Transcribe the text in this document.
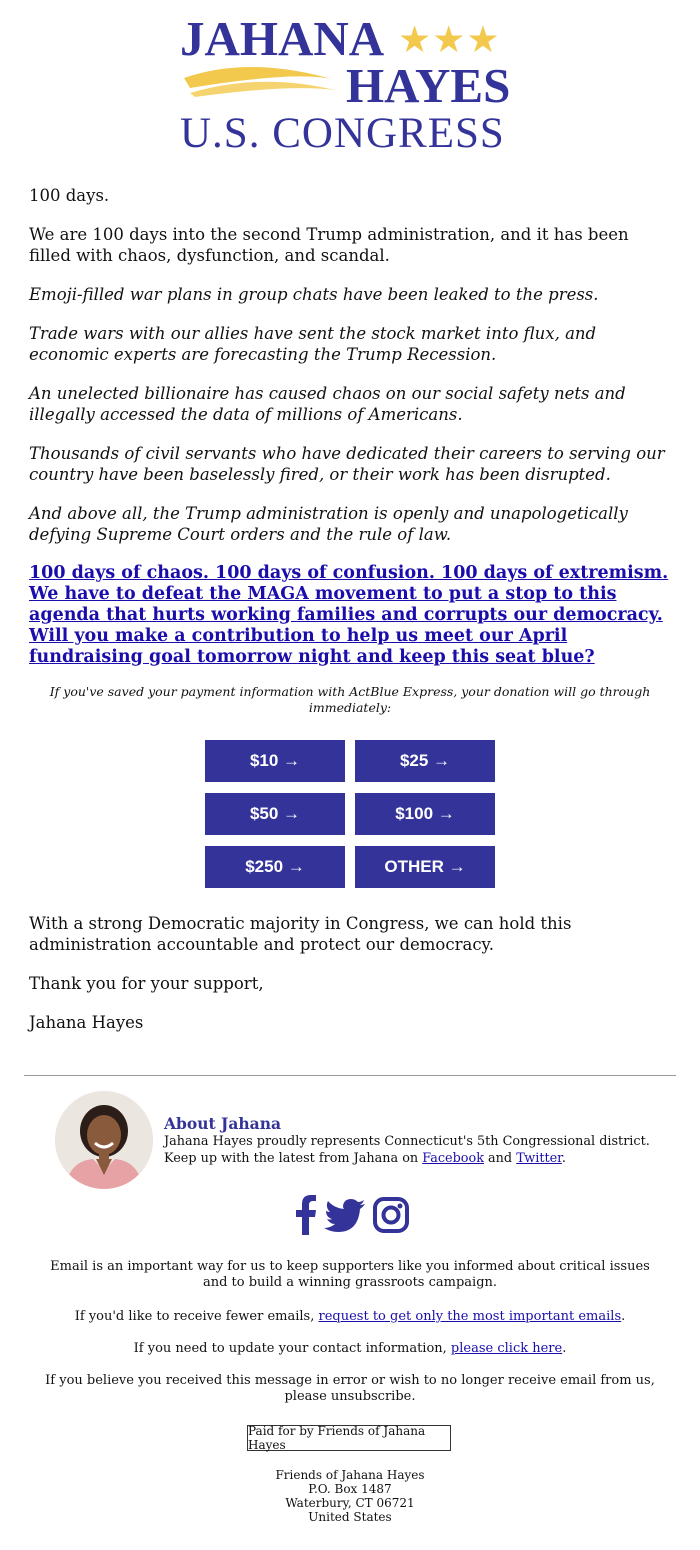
JAHANA ★★★
HAYES
U.S. CONGRESS

100 days.

We are 100 days into the second Trump administration, and it has been filled with chaos, dysfunction, and scandal.

Emoji-filled war plans in group chats have been leaked to the press.

Trade wars with our allies have sent the stock market into flux, and economic experts are forecasting the Trump Recession.

An unelected billionaire has caused chaos on our social safety nets and illegally accessed the data of millions of Americans.

Thousands of civil servants who have dedicated their careers to serving our country have been baselessly fired, or their work has been disrupted.

And above all, the Trump administration is openly and unapologetically defying Supreme Court orders and the rule of law.

100 days of chaos. 100 days of confusion. 100 days of extremism. We have to defeat the MAGA movement to put a stop to this agenda that hurts working families and corrupts our democracy. Will you make a contribution to help us meet our April fundraising goal tomorrow night and keep this seat blue?

If you've saved your payment information with ActBlue Express, your donation will go through immediately:

$10 →	$25 →
$50 →	$100 →
$250 →	OTHER →

With a strong Democratic majority in Congress, we can hold this administration accountable and protect our democracy.

Thank you for your support,

Jahana Hayes

About Jahana

Jahana Hayes proudly represents Connecticut's 5th Congressional district.

Keep up with the latest from Jahana on Facebook and Twitter.

Email is an important way for us to keep supporters like you informed about critical issues and to build a winning grassroots campaign.

If you'd like to receive fewer emails, request to get only the most important emails.

If you need to update your contact information, please click here.

If you believe you received this message in error or wish to no longer receive email from us, please unsubscribe.

Paid for by Friends of Jahana Hayes

Friends of Jahana Hayes

P.O. Box 1487

Waterbury, CT 06721

United States
